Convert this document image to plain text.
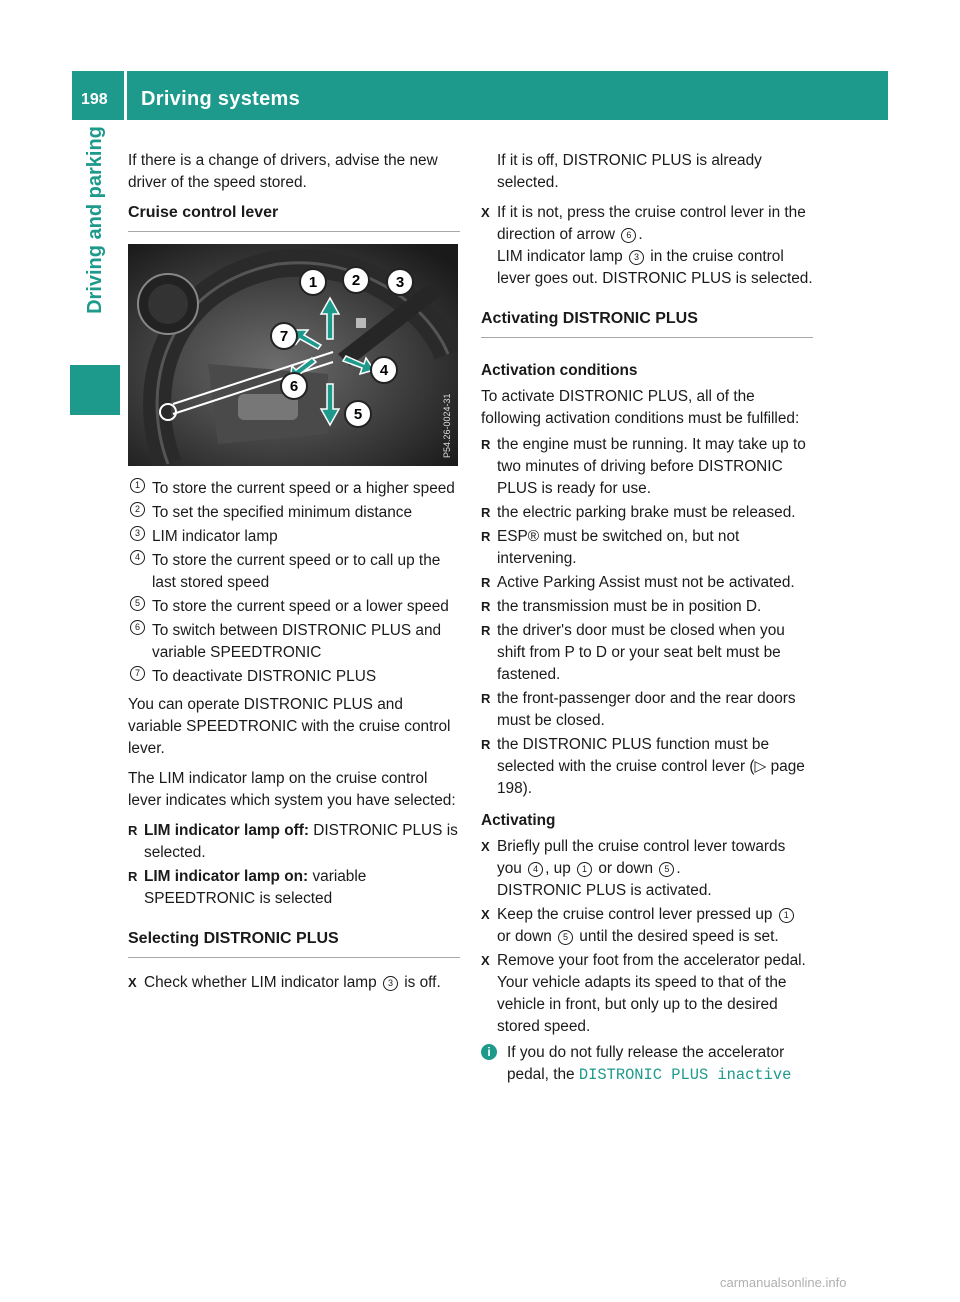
198 Driving systems
Driving and parking If there is a change of drivers, advise the new driver of the speed stored.

Cruise control lever
1 2 3
4
5
6
7
P54.26-0024-31
1 To store the current speed or a higher speed
2 To set the specified minimum distance
3 LIM indicator lamp
4 To store the current speed or to call up the last stored speed
5 To store the current speed or a lower speed
6 To switch between DISTRONIC PLUS and variable SPEEDTRONIC
7 To deactivate DISTRONIC PLUS

You can operate DISTRONIC PLUS and variable SPEEDTRONIC with the cruise control lever.

The LIM indicator lamp on the cruise control lever indicates which system you have selected:

R LIM indicator lamp off: DISTRONIC PLUS is selected.
R LIM indicator lamp on: variable SPEEDTRONIC is selected
Selecting DISTRONIC PLUS
X Check whether LIM indicator lamp 3 is off.

If it is off, DISTRONIC PLUS is already selected.

X If it is not, press the cruise control lever in the direction of arrow 6 .
LIM indicator lamp 3 in the cruise control lever goes out. DISTRONIC PLUS is selected.
Activating DISTRONIC PLUS
Activation conditions

To activate DISTRONIC PLUS, all of the following activation conditions must be fulfilled:

R the engine must be running. It may take up to two minutes of driving before DISTRONIC PLUS is ready for use.
R the electric parking brake must be released.
R ESP® must be switched on, but not intervening.
R Active Parking Assist must not be activated.
R the transmission must be in position D.
R the driver's door must be closed when you shift from P to D or your seat belt must be fastened.
R the front-passenger door and the rear doors must be closed.
R the DISTRONIC PLUS function must be selected with the cruise control lever (▷ page 198).
Activating
X Briefly pull the cruise control lever towards you 4 , up 1 or down 5 .
DISTRONIC PLUS is activated.
X Keep the cruise control lever pressed up 1 or down 5 until the desired speed is set.
X Remove your foot from the accelerator pedal.
Your vehicle adapts its speed to that of the vehicle in front, but only up to the desired stored speed.
i	If you do not fully release the accelerator pedal, the DISTRONIC PLUS inactive
carmanualsonline.info
